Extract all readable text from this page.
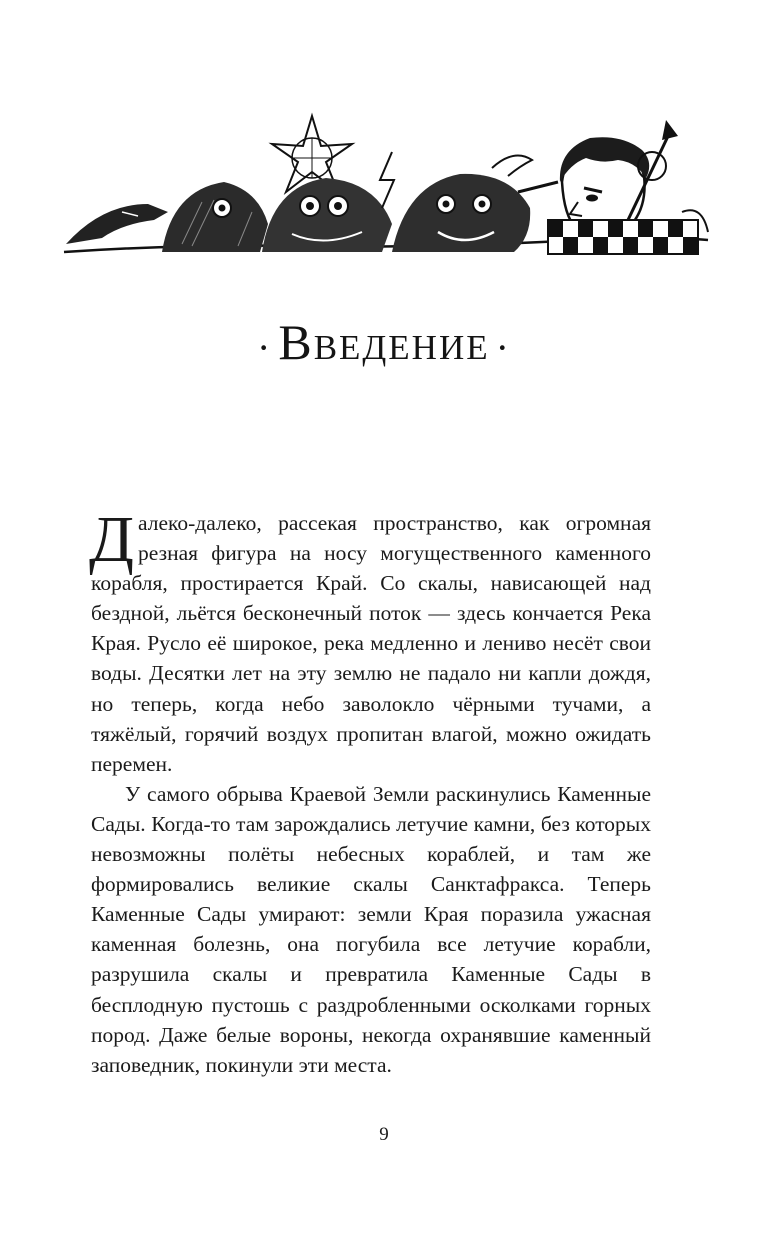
· Введение ·

Далеко-далеко, рассекая пространство, как огромная резная фигура на носу могущественного каменного корабля, простирается Край. Со скалы, нависающей над бездной, льётся бесконечный поток — здесь кончается Река Края. Русло её широкое, река медленно и лениво несёт свои воды. Десятки лет на эту землю не падало ни капли дождя, но теперь, когда небо заволокло чёрными тучами, а тяжёлый, горячий воздух пропитан влагой, можно ожидать перемен.

У самого обрыва Краевой Земли раскинулись Каменные Сады. Когда-то там зарождались летучие камни, без которых невозможны полёты небесных кораблей, и там же формировались великие скалы Санктафракса. Теперь Каменные Сады умирают: земли Края поразила ужасная каменная болезнь, она погубила все летучие корабли, разрушила скалы и превратила Каменные Сады в бесплодную пустошь с раздробленными осколками горных пород. Даже белые вороны, некогда охранявшие каменный заповедник, покинули эти места.

9
